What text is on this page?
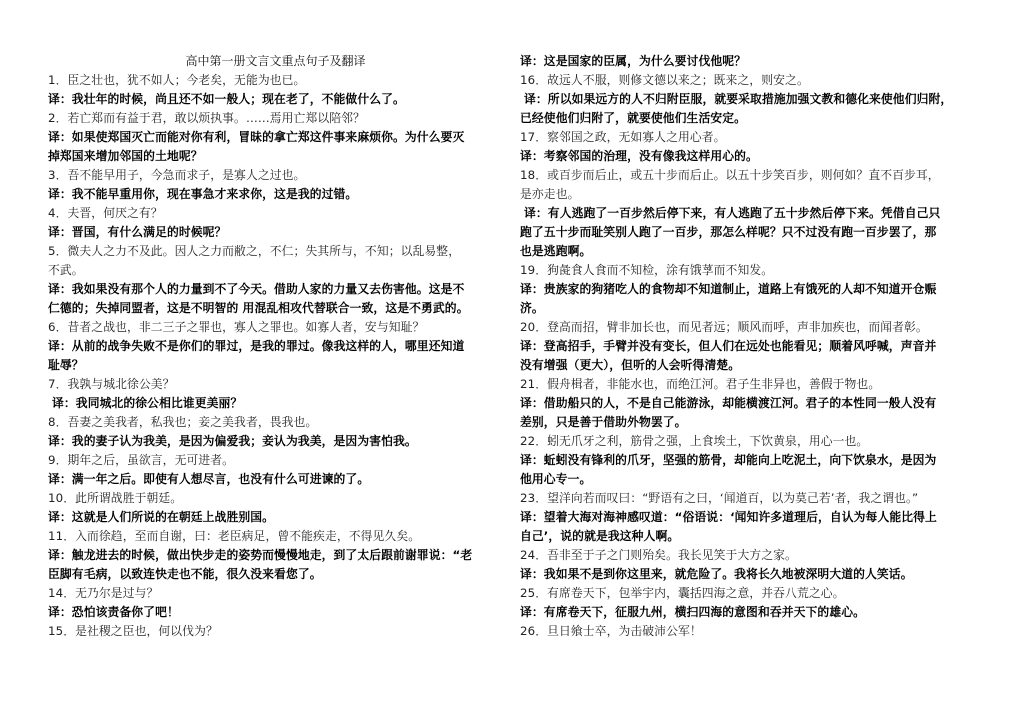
高中第一册文言文重点句子及翻译
1．臣之壮也，犹不如人；今老矣，无能为也已。
译：我壮年的时候，尚且还不如一般人；现在老了，不能做什么了。
2．若亡郑而有益于君，敢以烦执事。……焉用亡郑以陪邻？
译：如果使郑国灭亡而能对你有利，冒昧的拿亡郑这件事来麻烦你。为什么要灭
掉郑国来增加邻国的土地呢？
3．吾不能早用子，今急而求子，是寡人之过也。
译：我不能早重用你，现在事急才来求你，这是我的过错。
4．夫晋，何厌之有？
译：晋国，有什么满足的时候呢？
5．微夫人之力不及此。因人之力而敝之，不仁；失其所与，不知；以乱易整，
不武。
译：我如果没有那个人的力量到不了今天。借助人家的力量又去伤害他。这是不
仁德的；失掉同盟者，这是不明智的 用混乱相攻代替联合一致，这是不勇武的。
6．昔者之战也，非二三子之罪也，寡人之罪也。如寡人者，安与知耻？
译：从前的战争失败不是你们的罪过，是我的罪过。像我这样的人，哪里还知道
耻辱？
7．我孰与城北徐公美？
译：我同城北的徐公相比谁更美丽？
8．吾妻之美我者，私我也；妾之美我者，畏我也。
译：我的妻子认为我美，是因为偏爱我；妾认为我美，是因为害怕我。
9．期年之后，虽欲言，无可进者。
译：满一年之后。即使有人想尽言，也没有什么可进谏的了。
10．此所谓战胜于朝廷。
译：这就是人们所说的在朝廷上战胜别国。
11．入而徐趋，至而自谢，曰：老臣病足，曾不能疾走，不得见久矣。
译：触龙进去的时候，做出快步走的姿势而慢慢地走，到了太后跟前谢罪说：“老
臣脚有毛病，以致连快走也不能，很久没来看您了。
14．无乃尔是过与？
译：恐怕该责备你了吧！
15．是社稷之臣也，何以伐为？
译：这是国家的臣属，为什么要讨伐他呢？
16．故远人不服，则修文德以来之；既来之，则安之。
译：所以如果远方的人不归附臣服，就要采取措施加强文教和德化来使他们归附，
已经使他们归附了，就要使他们生活安定。
17．察邻国之政，无如寡人之用心者。
译：考察邻国的治理，没有像我这样用心的。
18．或百步而后止，或五十步而后止。以五十步笑百步，则何如？直不百步耳，
是亦走也。
译：有人逃跑了一百步然后停下来，有人逃跑了五十步然后停下来。凭借自己只
跑了五十步而耻笑别人跑了一百步，那怎么样呢？只不过没有跑一百步罢了，那
也是逃跑啊。
19．狗彘食人食而不知检，涂有饿莩而不知发。
译：贵族家的狗猪吃人的食物却不知道制止，道路上有饿死的人却不知道开仓赈
济。
20．登高而招，臂非加长也，而见者远；顺风而呼，声非加疾也，而闻者彰。
译：登高招手，手臂并没有变长，但人们在远处也能看见；顺着风呼喊，声音并
没有增强（更大），但听的人会听得清楚。
21．假舟楫者，非能水也，而绝江河。君子生非异也，善假于物也。
译：借助船只的人，不是自己能游泳，却能横渡江河。君子的本性同一般人没有
差别，只是善于借助外物罢了。
22．蚓无爪牙之利，筋骨之强，上食埃土，下饮黄泉，用心一也。
译：蚯蚓没有锋利的爪牙，坚强的筋骨，却能向上吃泥土，向下饮泉水，是因为
他用心专一。
23．望洋向若而叹曰：“野语有之曰，‘闻道百，以为莫己若’者，我之谓也。”
译：望着大海对海神感叹道：“俗语说：‘闻知许多道理后，自认为每人能比得上
自己’，说的就是我这种人啊。
24．吾非至于子之门则殆矣。我长见笑于大方之家。
译：我如果不是到你这里来，就危险了。我将长久地被深明大道的人笑话。
25．有席卷天下，包举宇内，囊括四海之意，并吞八荒之心。
译：有席卷天下，征服九州，横扫四海的意图和吞并天下的雄心。
26．旦日飨士卒，为击破沛公军！
